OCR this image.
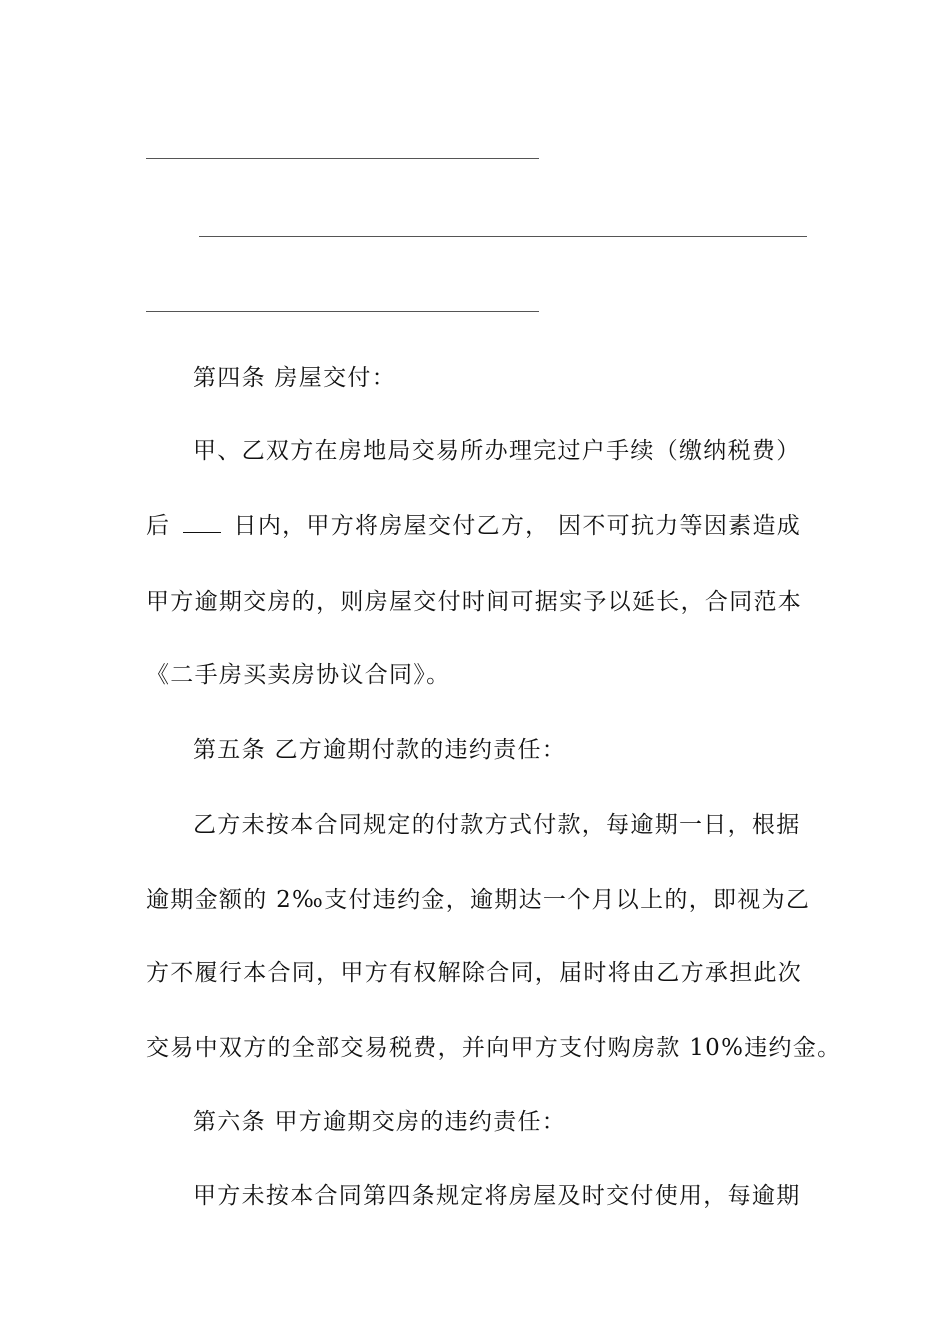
第四条 房屋交付：
甲、乙双方在房地局交易所办理完过户手续（缴纳税费）
后  日内，甲方将房屋交付乙方， 因不可抗力等因素造成
甲方逾期交房的，则房屋交付时间可据实予以延长，合同范本
《二手房买卖房协议合同》。
第五条 乙方逾期付款的违约责任：
乙方未按本合同规定的付款方式付款，每逾期一日，根据
逾期金额的 2‰支付违约金，逾期达一个月以上的，即视为乙
方不履行本合同，甲方有权解除合同，届时将由乙方承担此次
交易中双方的全部交易税费，并向甲方支付购房款 10%违约金。
第六条 甲方逾期交房的违约责任：
甲方未按本合同第四条规定将房屋及时交付使用，每逾期
